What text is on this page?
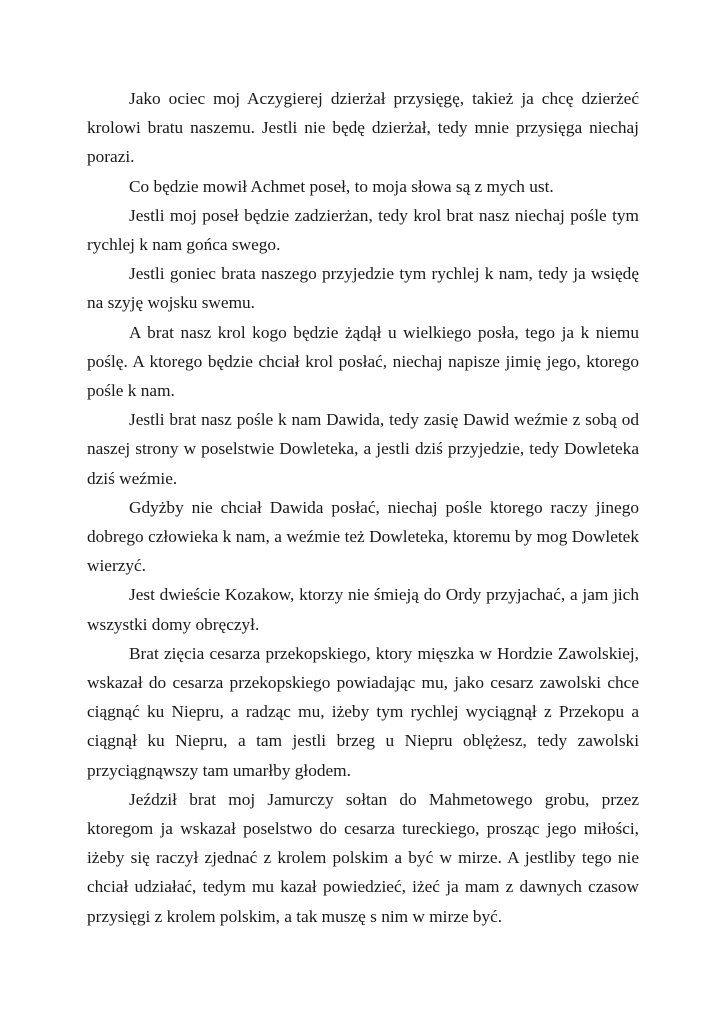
Jako ociec moj Aczygierej dzierżał przysięgę, takież ja chcę dzierżeć krolowi bratu naszemu. Jestli nie będę dzierżał, tedy mnie przysięga niechaj porazi.

Co będzie mowił Achmet poseł, to moja słowa są z mych ust.

Jestli moj poseł będzie zadzierżan, tedy krol brat nasz niechaj pośle tym rychlej k nam gońca swego.

Jestli goniec brata naszego przyjedzie tym rychlej k nam, tedy ja wsiędę na szyję wojsku swemu.

A brat nasz krol kogo będzie żądął u wielkiego posła, tego ja k niemu poślę. A ktorego będzie chciał krol posłać, niechaj napisze jimię jego, ktorego pośle k nam.

Jestli brat nasz pośle k nam Dawida, tedy zasię Dawid weźmie z sobą od naszej strony w poselstwie Dowleteka, a jestli dziś przyjedzie, tedy Dowleteka dziś weźmie.

Gdyżby nie chciał Dawida posłać, niechaj pośle ktorego raczy jinego dobrego człowieka k nam, a weźmie też Dowleteka, ktoremu by mog Dowletek wierzyć.

Jest dwieście Kozakow, ktorzy nie śmieją do Ordy przyjachać, a jam jich wszystki domy obręczył.

Brat zięcia cesarza przekopskiego, ktory mięszka w Hordzie Zawolskiej, wskazał do cesarza przekopskiego powiadając mu, jako cesarz zawolski chce ciągnąć ku Niepru, a radząc mu, iżeby tym rychlej wyciągnął z Przekopu a ciągnął ku Niepru, a tam jestli brzeg u Niepru oblężesz, tedy zawolski przyciągnąwszy tam umarłby głodem.

Jeździł brat moj Jamurczy sołtan do Mahmetowego grobu, przez ktoregom ja wskazał poselstwo do cesarza tureckiego, prosząc jego miłości, iżeby się raczył zjednać z krolem polskim a być w mirze. A jestliby tego nie chciał udziałać, tedym mu kazał powiedzieć, iżeć ja mam z dawnych czasow przysięgi z krolem polskim, a tak muszę s nim w mirze być.
